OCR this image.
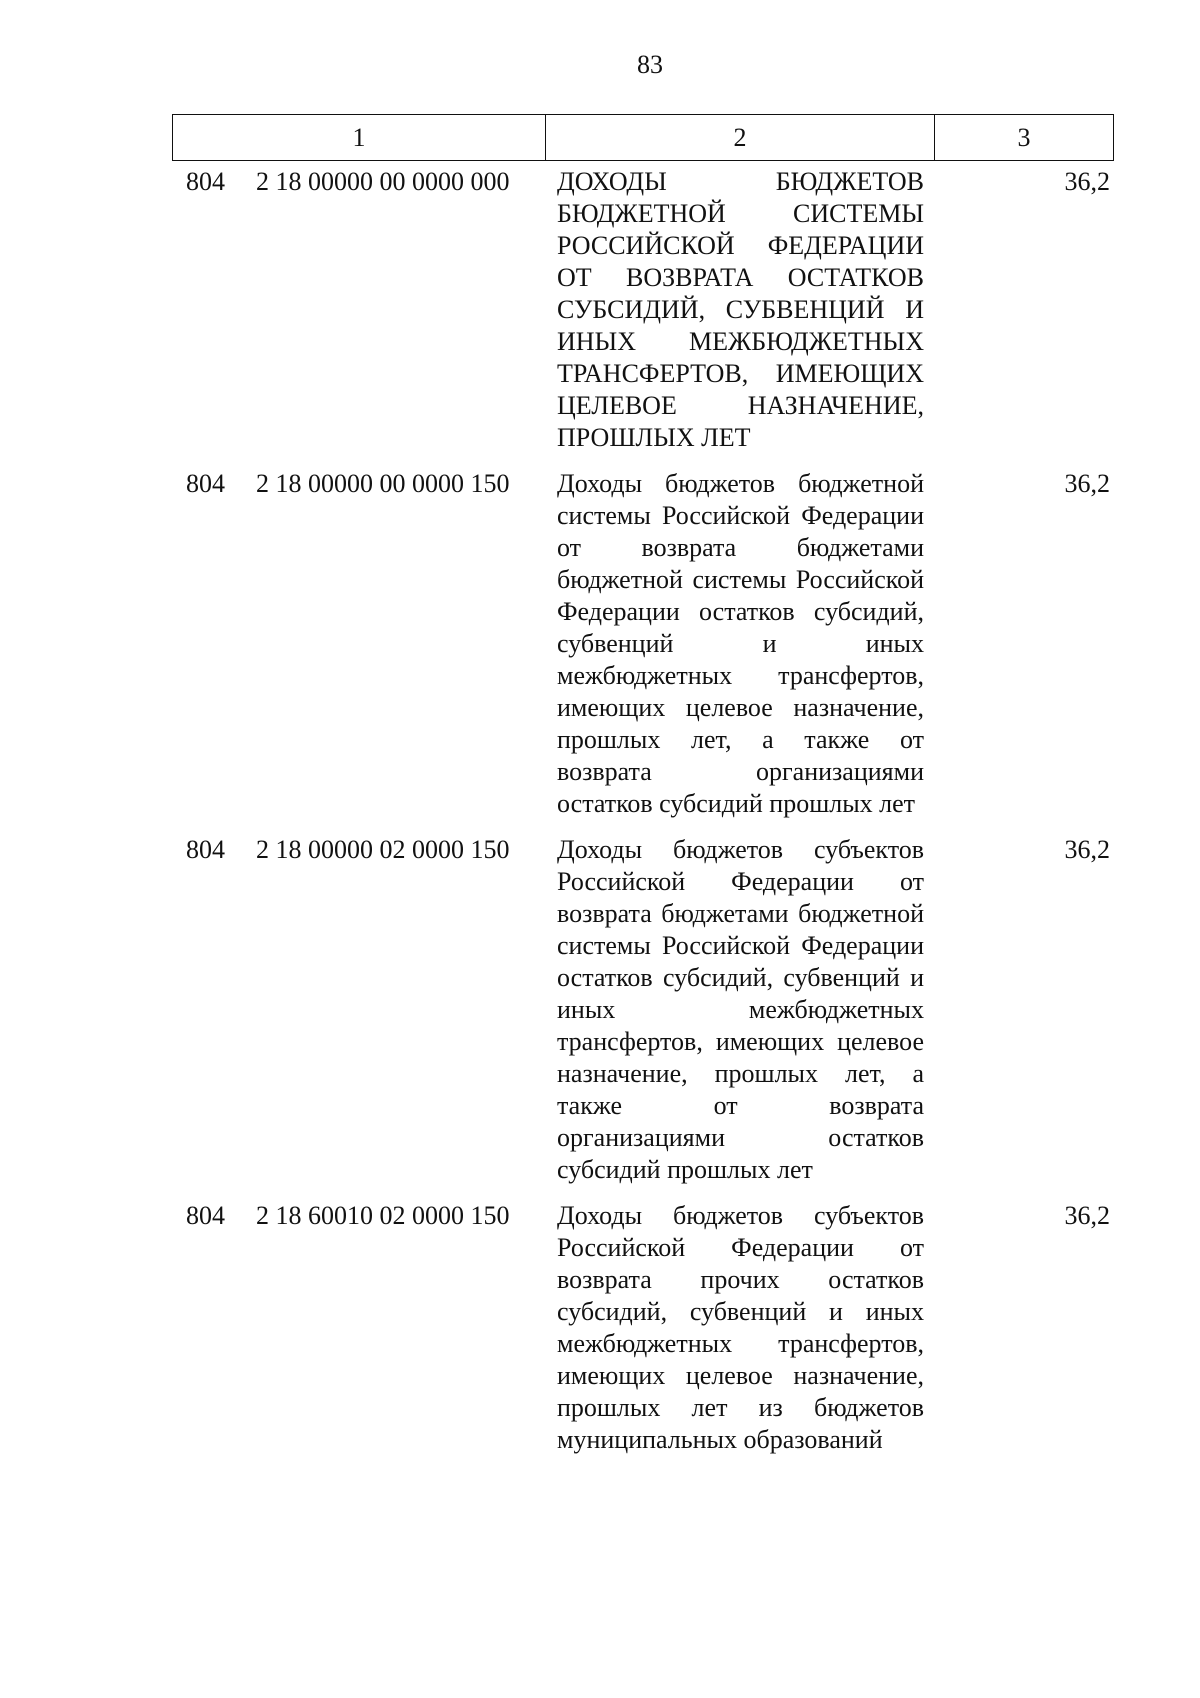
83
1	2	3
804 2 18 00000 00 0000 000 ДОХОДЫ БЮДЖЕТОВ БЮДЖЕТНОЙ СИСТЕМЫ РОССИЙСКОЙ ФЕДЕРАЦИИ ОТ ВОЗВРАТА ОСТАТКОВ СУБСИДИЙ, СУБВЕНЦИЙ И ИНЫХ МЕЖБЮДЖЕТНЫХ ТРАНСФЕРТОВ, ИМЕЮЩИХ ЦЕЛЕВОЕ НАЗНАЧЕНИЕ, ПРОШЛЫХ ЛЕТ
36,2
804 2 18 00000 00 0000 150 Доходы бюджетов бюджетной системы Российской Федерации от возврата бюджетами бюджетной системы Российской Федерации остатков субсидий, субвенций и иных межбюджетных трансфертов, имеющих целевое назначение, прошлых лет, а также от возврата организациями остатков субсидий прошлых лет
36,2
804 2 18 00000 02 0000 150 Доходы бюджетов субъектов Российской Федерации от возврата бюджетами бюджетной системы Российской Федерации остатков субсидий, субвенций и иных межбюджетных трансфертов, имеющих целевое назначение, прошлых лет, а также от возврата организациями остатков субсидий прошлых лет
36,2
804 2 18 60010 02 0000 150 Доходы бюджетов субъектов Российской Федерации от возврата прочих остатков субсидий, субвенций и иных межбюджетных трансфертов, имеющих целевое назначение, прошлых лет из бюджетов муниципальных образований
36,2
